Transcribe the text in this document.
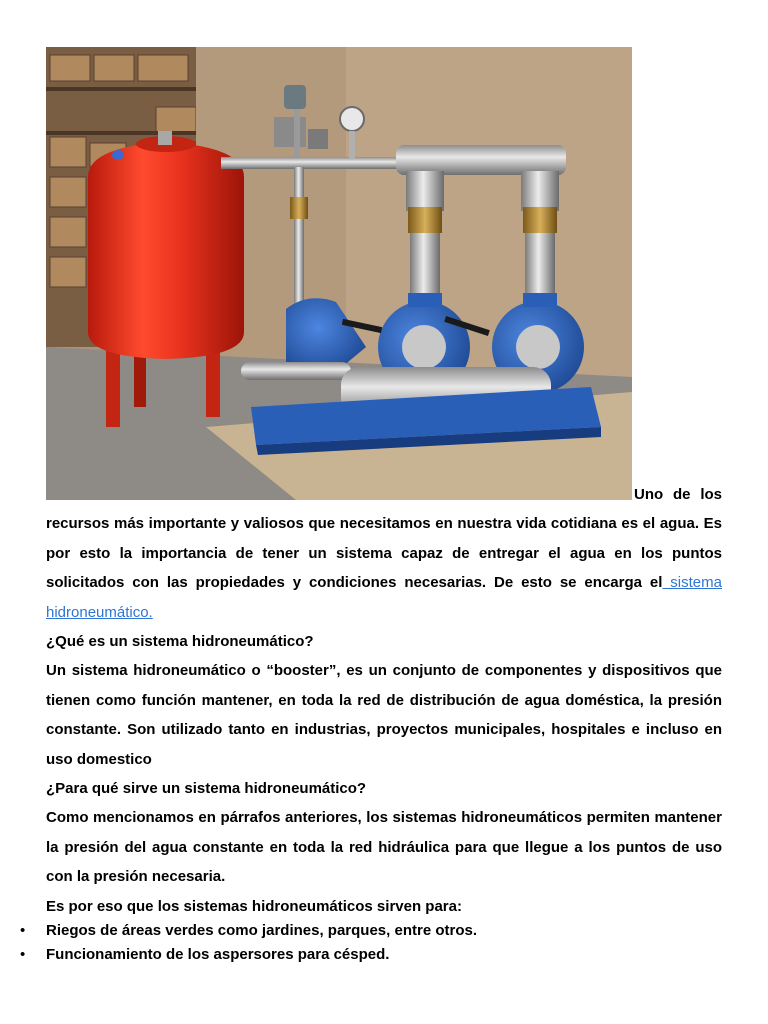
Uno de los recursos más importante y valiosos que necesitamos en nuestra vida cotidiana es el agua. Es por esto la importancia de tener un sistema capaz de entregar el agua en los puntos solicitados con las propiedades y condiciones necesarias. De esto se encarga el sistema hidroneumático.

¿Qué es un sistema hidroneumático?

Un sistema hidroneumático o “booster”, es un conjunto de componentes y dispositivos que tienen como función mantener, en toda la red de distribución de agua doméstica, la presión constante. Son utilizado tanto en industrias, proyectos municipales, hospitales e incluso en uso domestico

¿Para qué sirve un sistema hidroneumático?

Como mencionamos en párrafos anteriores, los sistemas hidroneumáticos permiten mantener la presión del agua constante en toda la red hidráulica para que llegue a los puntos de uso con la presión necesaria.

Es por eso que los sistemas hidroneumáticos sirven para:

• Riegos de áreas verdes como jardines, parques, entre otros.
• Funcionamiento de los aspersores para césped.
